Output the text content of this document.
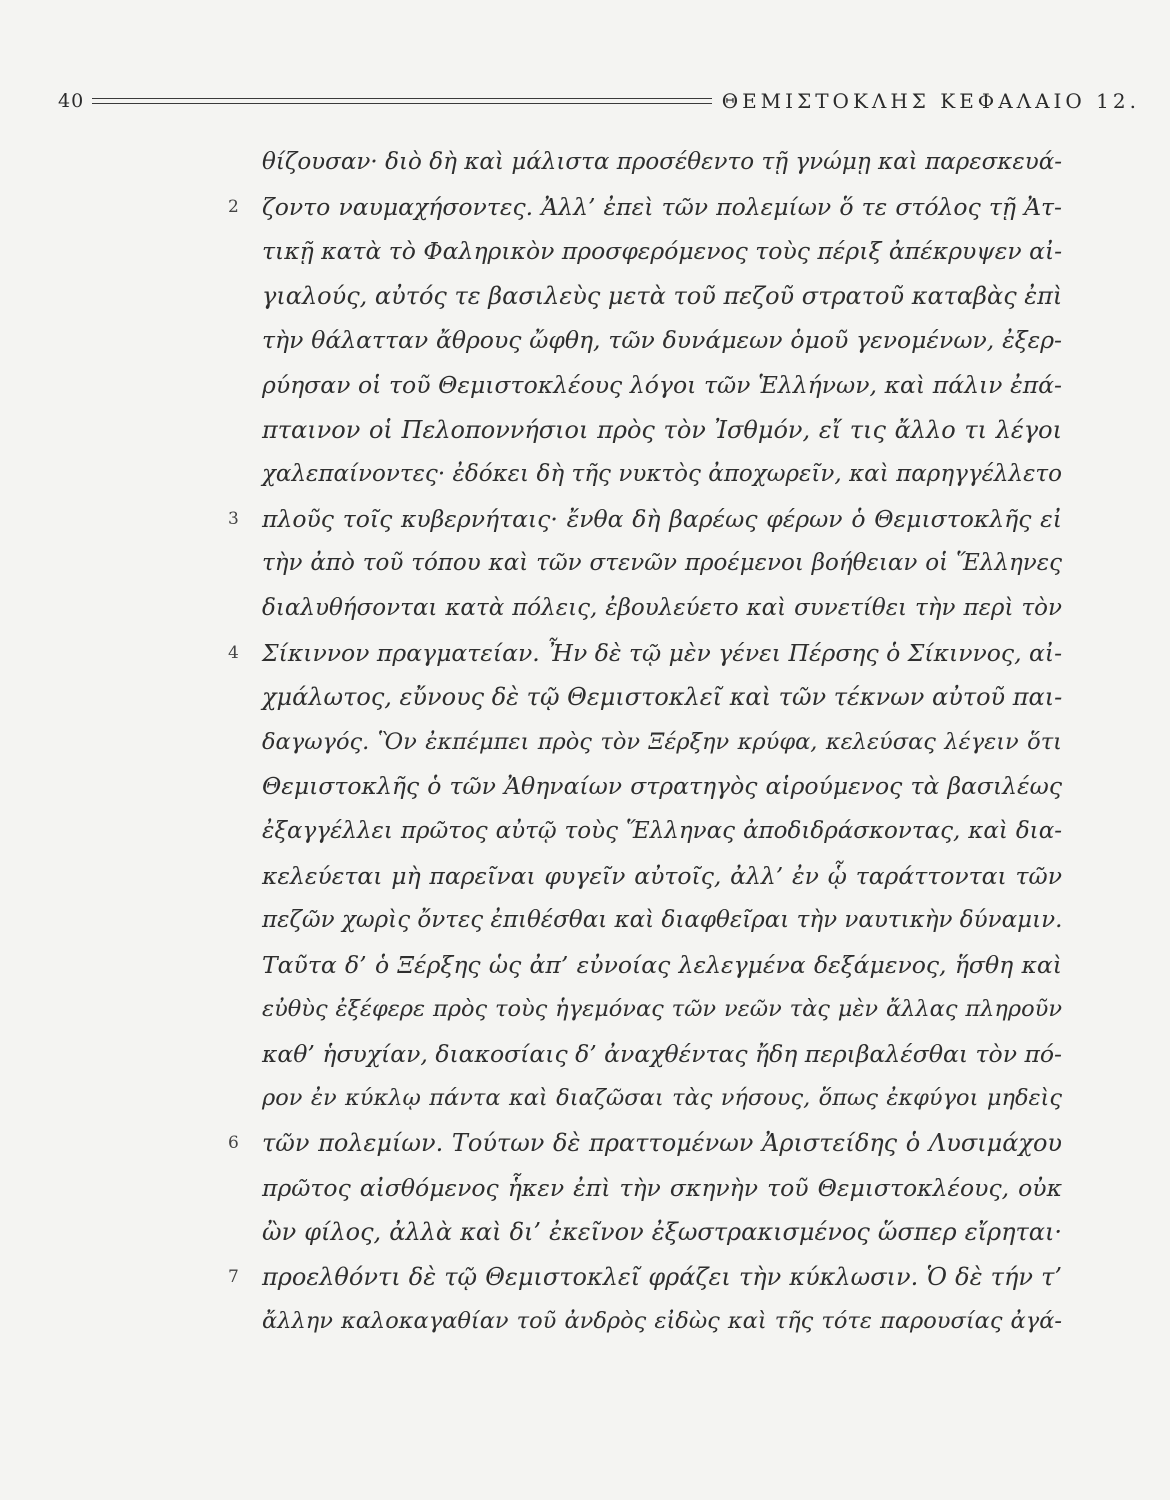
40	ΘΕΜΙΣΤΟΚΛΗΣ ΚΕΦΑΛΑΙΟ 12.
θίζουσαν· διὸ δὴ καὶ μάλιστα προσέθεντο τῇ γνώμῃ καὶ παρεσκευά-
2 ζοντο ναυμαχήσοντες. Ἀλλ’ ἐπεὶ τῶν πολεμίων ὅ τε στόλος τῇ Ἀτ-
τικῇ κατὰ τὸ Φαληρικὸν προσφερόμενος τοὺς πέριξ ἀπέκρυψεν αἰ-
γιαλούς, αὐτός τε βασιλεὺς μετὰ τοῦ πεζοῦ στρατοῦ καταβὰς ἐπὶ
τὴν θάλατταν ἄθρους ὤφθη, τῶν δυνάμεων ὁμοῦ γενομένων, ἐξερ-
ρύησαν οἱ τοῦ Θεμιστοκλέους λόγοι τῶν Ἑλλήνων, καὶ πάλιν ἐπά-
πταινον οἱ Πελοποννήσιοι πρὸς τὸν Ἰσθμόν, εἴ τις ἄλλο τι λέγοι
χαλεπαίνοντες· ἐδόκει δὴ τῆς νυκτὸς ἀποχωρεῖν, καὶ παρηγγέλλετο
3 πλοῦς τοῖς κυβερνήταις· ἔνθα δὴ βαρέως φέρων ὁ Θεμιστοκλῆς εἰ
τὴν ἀπὸ τοῦ τόπου καὶ τῶν στενῶν προέμενοι βοήθειαν οἱ Ἕλληνες
διαλυθήσονται κατὰ πόλεις, ἐβουλεύετο καὶ συνετίθει τὴν περὶ τὸν
4 Σίκιννον πραγματείαν. Ἦν δὲ τῷ μὲν γένει Πέρσης ὁ Σίκιννος, αἰ-
χμάλωτος, εὔνους δὲ τῷ Θεμιστοκλεῖ καὶ τῶν τέκνων αὐτοῦ παι-
δαγωγός. Ὃν ἐκπέμπει πρὸς τὸν Ξέρξην κρύφα, κελεύσας λέγειν ὅτι
Θεμιστοκλῆς ὁ τῶν Ἀθηναίων στρατηγὸς αἱρούμενος τὰ βασιλέως
ἐξαγγέλλει πρῶτος αὐτῷ τοὺς Ἕλληνας ἀποδιδράσκοντας, καὶ δια-
κελεύεται μὴ παρεῖναι φυγεῖν αὐτοῖς, ἀλλ’ ἐν ᾧ ταράττονται τῶν
πεζῶν χωρὶς ὄντες ἐπιθέσθαι καὶ διαφθεῖραι τὴν ναυτικὴν δύναμιν.
Ταῦτα δ’ ὁ Ξέρξης ὡς ἀπ’ εὐνοίας λελεγμένα δεξάμενος, ἥσθη καὶ
εὐθὺς ἐξέφερε πρὸς τοὺς ἡγεμόνας τῶν νεῶν τὰς μὲν ἄλλας πληροῦν
καθ’ ἡσυχίαν, διακοσίαις δ’ ἀναχθέντας ἤδη περιβαλέσθαι τὸν πό-
ρον ἐν κύκλῳ πάντα καὶ διαζῶσαι τὰς νήσους, ὅπως ἐκφύγοι μηδεὶς
6 τῶν πολεμίων. Τούτων δὲ πραττομένων Ἀριστείδης ὁ Λυσιμάχου
πρῶτος αἰσθόμενος ἧκεν ἐπὶ τὴν σκηνὴν τοῦ Θεμιστοκλέους, οὐκ
ὢν φίλος, ἀλλὰ καὶ δι’ ἐκεῖνον ἐξωστρακισμένος ὥσπερ εἴρηται·
7 προελθόντι δὲ τῷ Θεμιστοκλεῖ φράζει τὴν κύκλωσιν. Ὁ δὲ τήν τ’
ἄλλην καλοκαγαθίαν τοῦ ἀνδρὸς εἰδὼς καὶ τῆς τότε παρουσίας ἀγά-
